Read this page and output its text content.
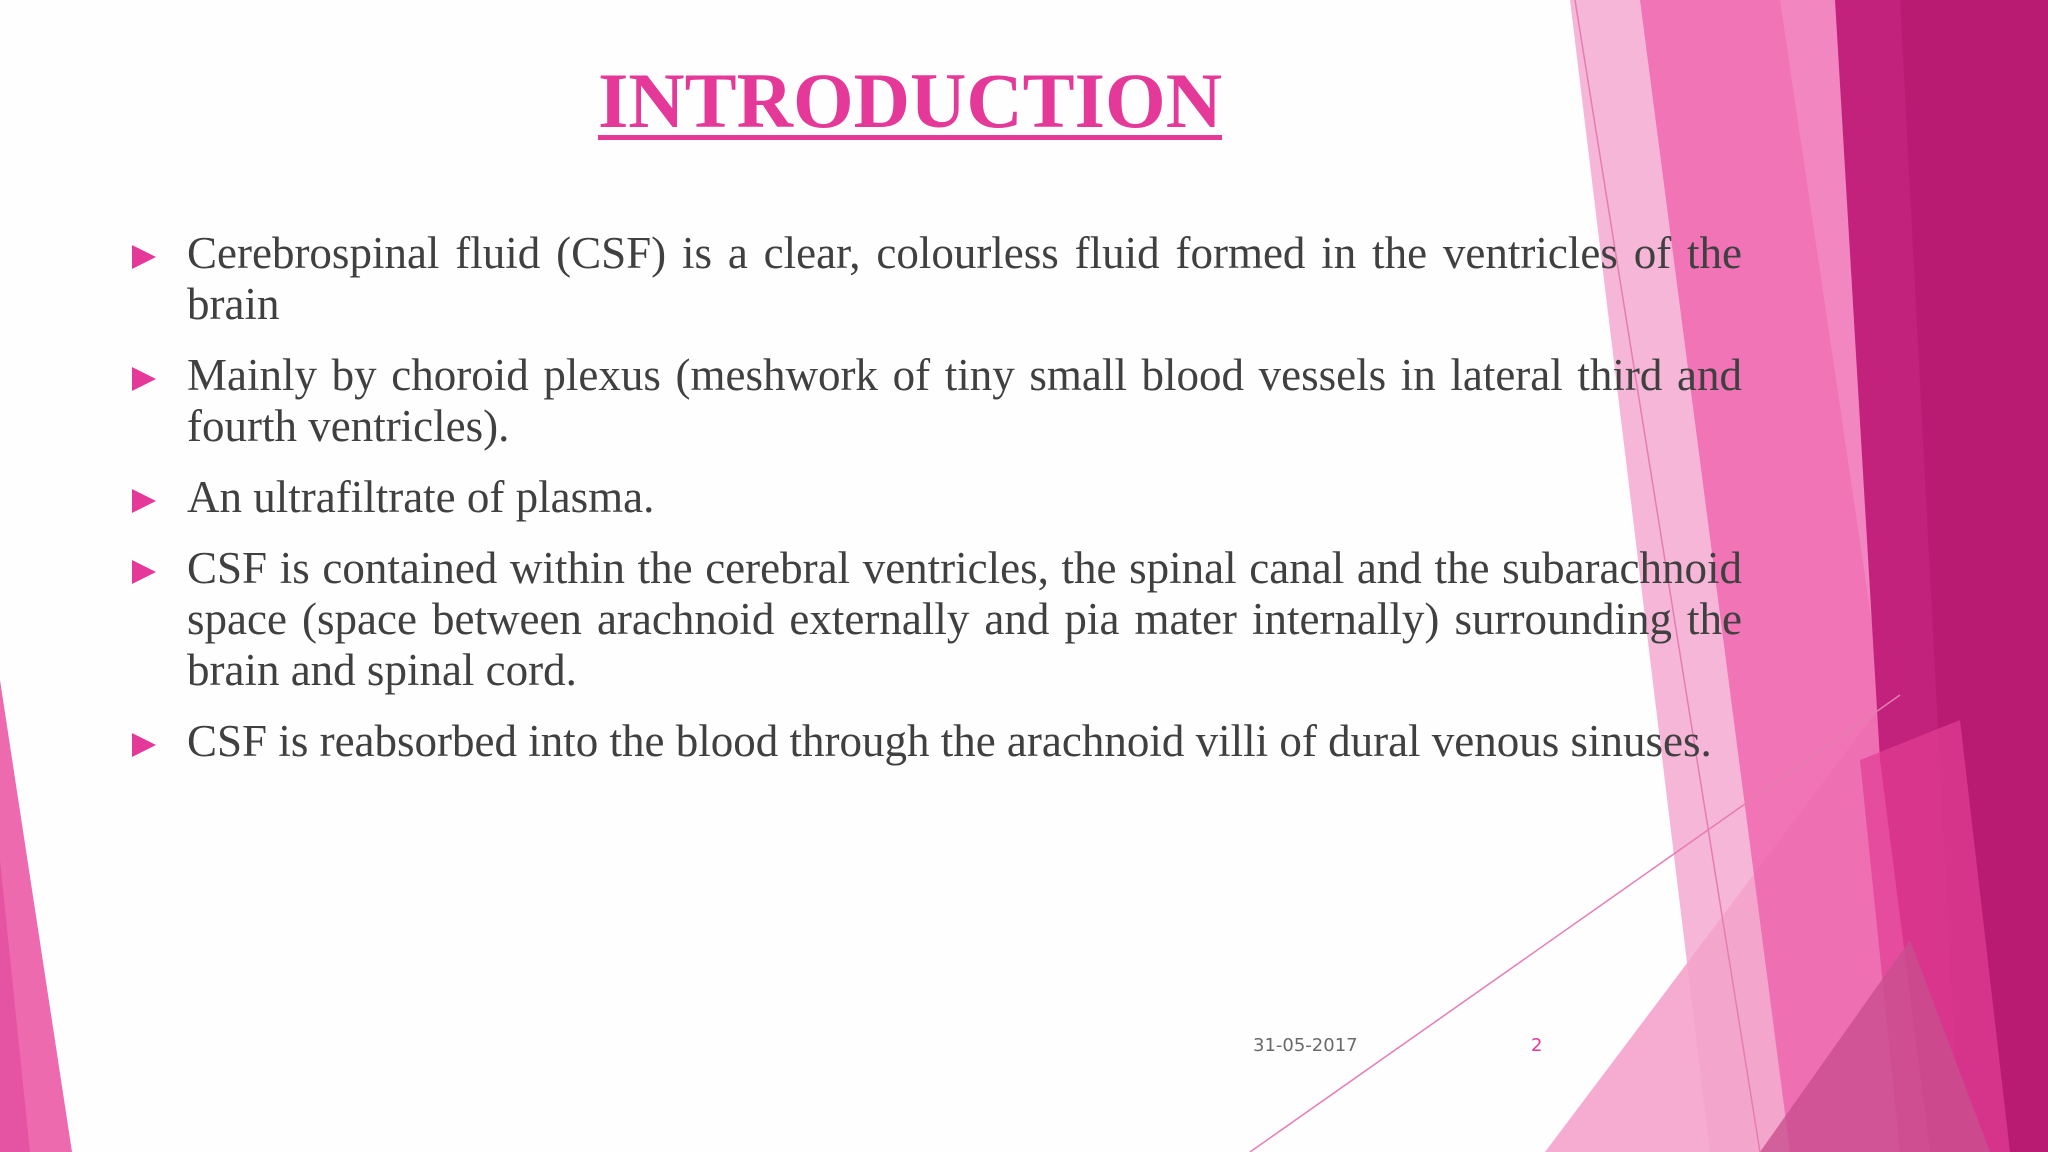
INTRODUCTION
Cerebrospinal fluid (CSF) is a clear, colourless fluid formed in the ventricles of the brain
Mainly by choroid plexus (meshwork of tiny small blood vessels in lateral third and fourth ventricles).
An ultrafiltrate of plasma.
CSF is contained within the cerebral ventricles, the spinal canal and the subarachnoid space (space between arachnoid externally and pia mater internally) surrounding the brain and spinal cord.
CSF is reabsorbed into the blood through the arachnoid villi of dural venous sinuses.
31-05-2017	2
